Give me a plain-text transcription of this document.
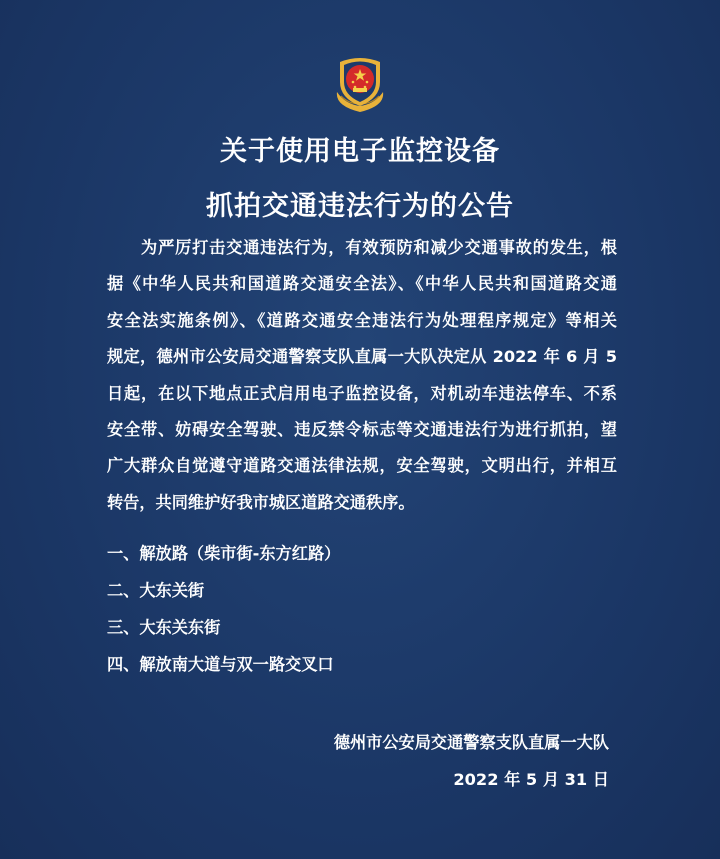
关于使用电子监控设备
抓拍交通违法行为的公告
　　为严厉打击交通违法行为，有效预防和减少交通事故的发生，根
据《中华人民共和国道路交通安全法》、《中华人民共和国道路交通
安全法实施条例》、《道路交通安全违法行为处理程序规定》等相关
规定，德州市公安局交通警察支队直属一大队决定从 2022 年 6 月 5
日起，在以下地点正式启用电子监控设备，对机动车违法停车、不系
安全带、妨碍安全驾驶、违反禁令标志等交通违法行为进行抓拍，望
广大群众自觉遵守道路交通法律法规，安全驾驶，文明出行，并相互
转告，共同维护好我市城区道路交通秩序。
一、解放路（柴市街-东方红路）
二、大东关街
三、大东关东街
四、解放南大道与双一路交叉口
德州市公安局交通警察支队直属一大队
2022 年 5 月 31 日
